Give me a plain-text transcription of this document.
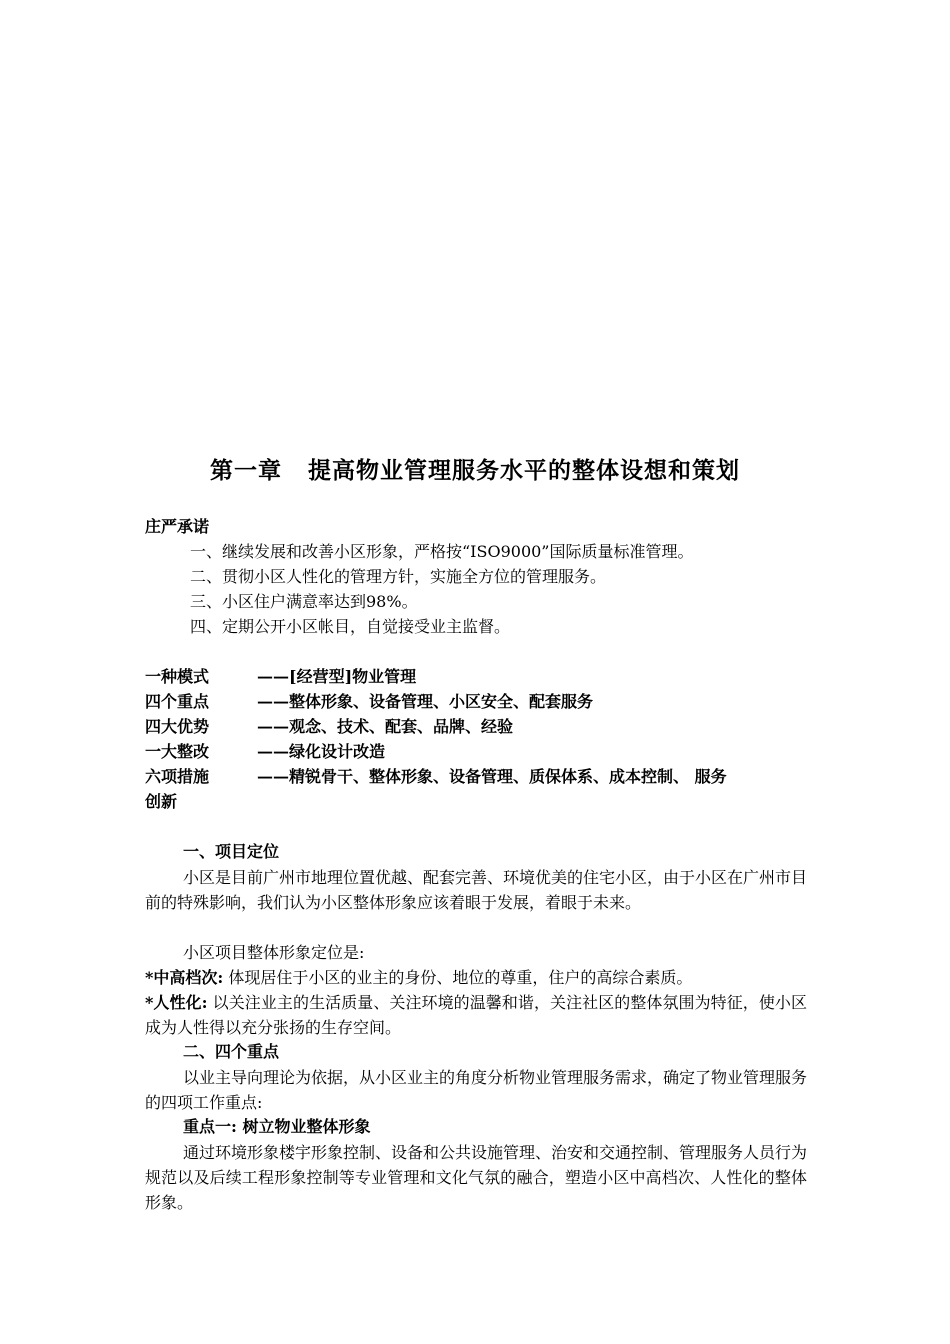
第一章 提高物业管理服务水平的整体设想和策划
庄严承诺
一、继续发展和改善小区形象，严格按“ISO9000”国际质量标准管理。
二、贯彻小区人性化的管理方针，实施全方位的管理服务。
三、小区住户满意率达到98%。
四、定期公开小区帐目，自觉接受业主监督。
一种模式	——[经营型]物业管理
四个重点	——整体形象、设备管理、小区安全、配套服务
四大优势	——观念、技术、配套、品牌、经验
一大整改	——绿化设计改造
六项措施	——精锐骨干、整体形象、设备管理、质保体系、成本控制、 服务
创新
一、项目定位
小区是目前广州市地理位置优越、配套完善、环境优美的住宅小区，由于小区在广州市目前的特殊影响，我们认为小区整体形象应该着眼于发展，着眼于未来。
小区项目整体形象定位是:
*中高档次: 体现居住于小区的业主的身份、地位的尊重，住户的高综合素质。
*人性化: 以关注业主的生活质量、关注环境的温馨和谐，关注社区的整体氛围为特征，使小区成为人性得以充分张扬的生存空间。
二、四个重点
以业主导向理论为依据，从小区业主的角度分析物业管理服务需求，确定了物业管理服务的四项工作重点:
重点一: 树立物业整体形象
通过环境形象楼宇形象控制、设备和公共设施管理、治安和交通控制、管理服务人员行为规范以及后续工程形象控制等专业管理和文化气氛的融合，塑造小区中高档次、人性化的整体形象。
